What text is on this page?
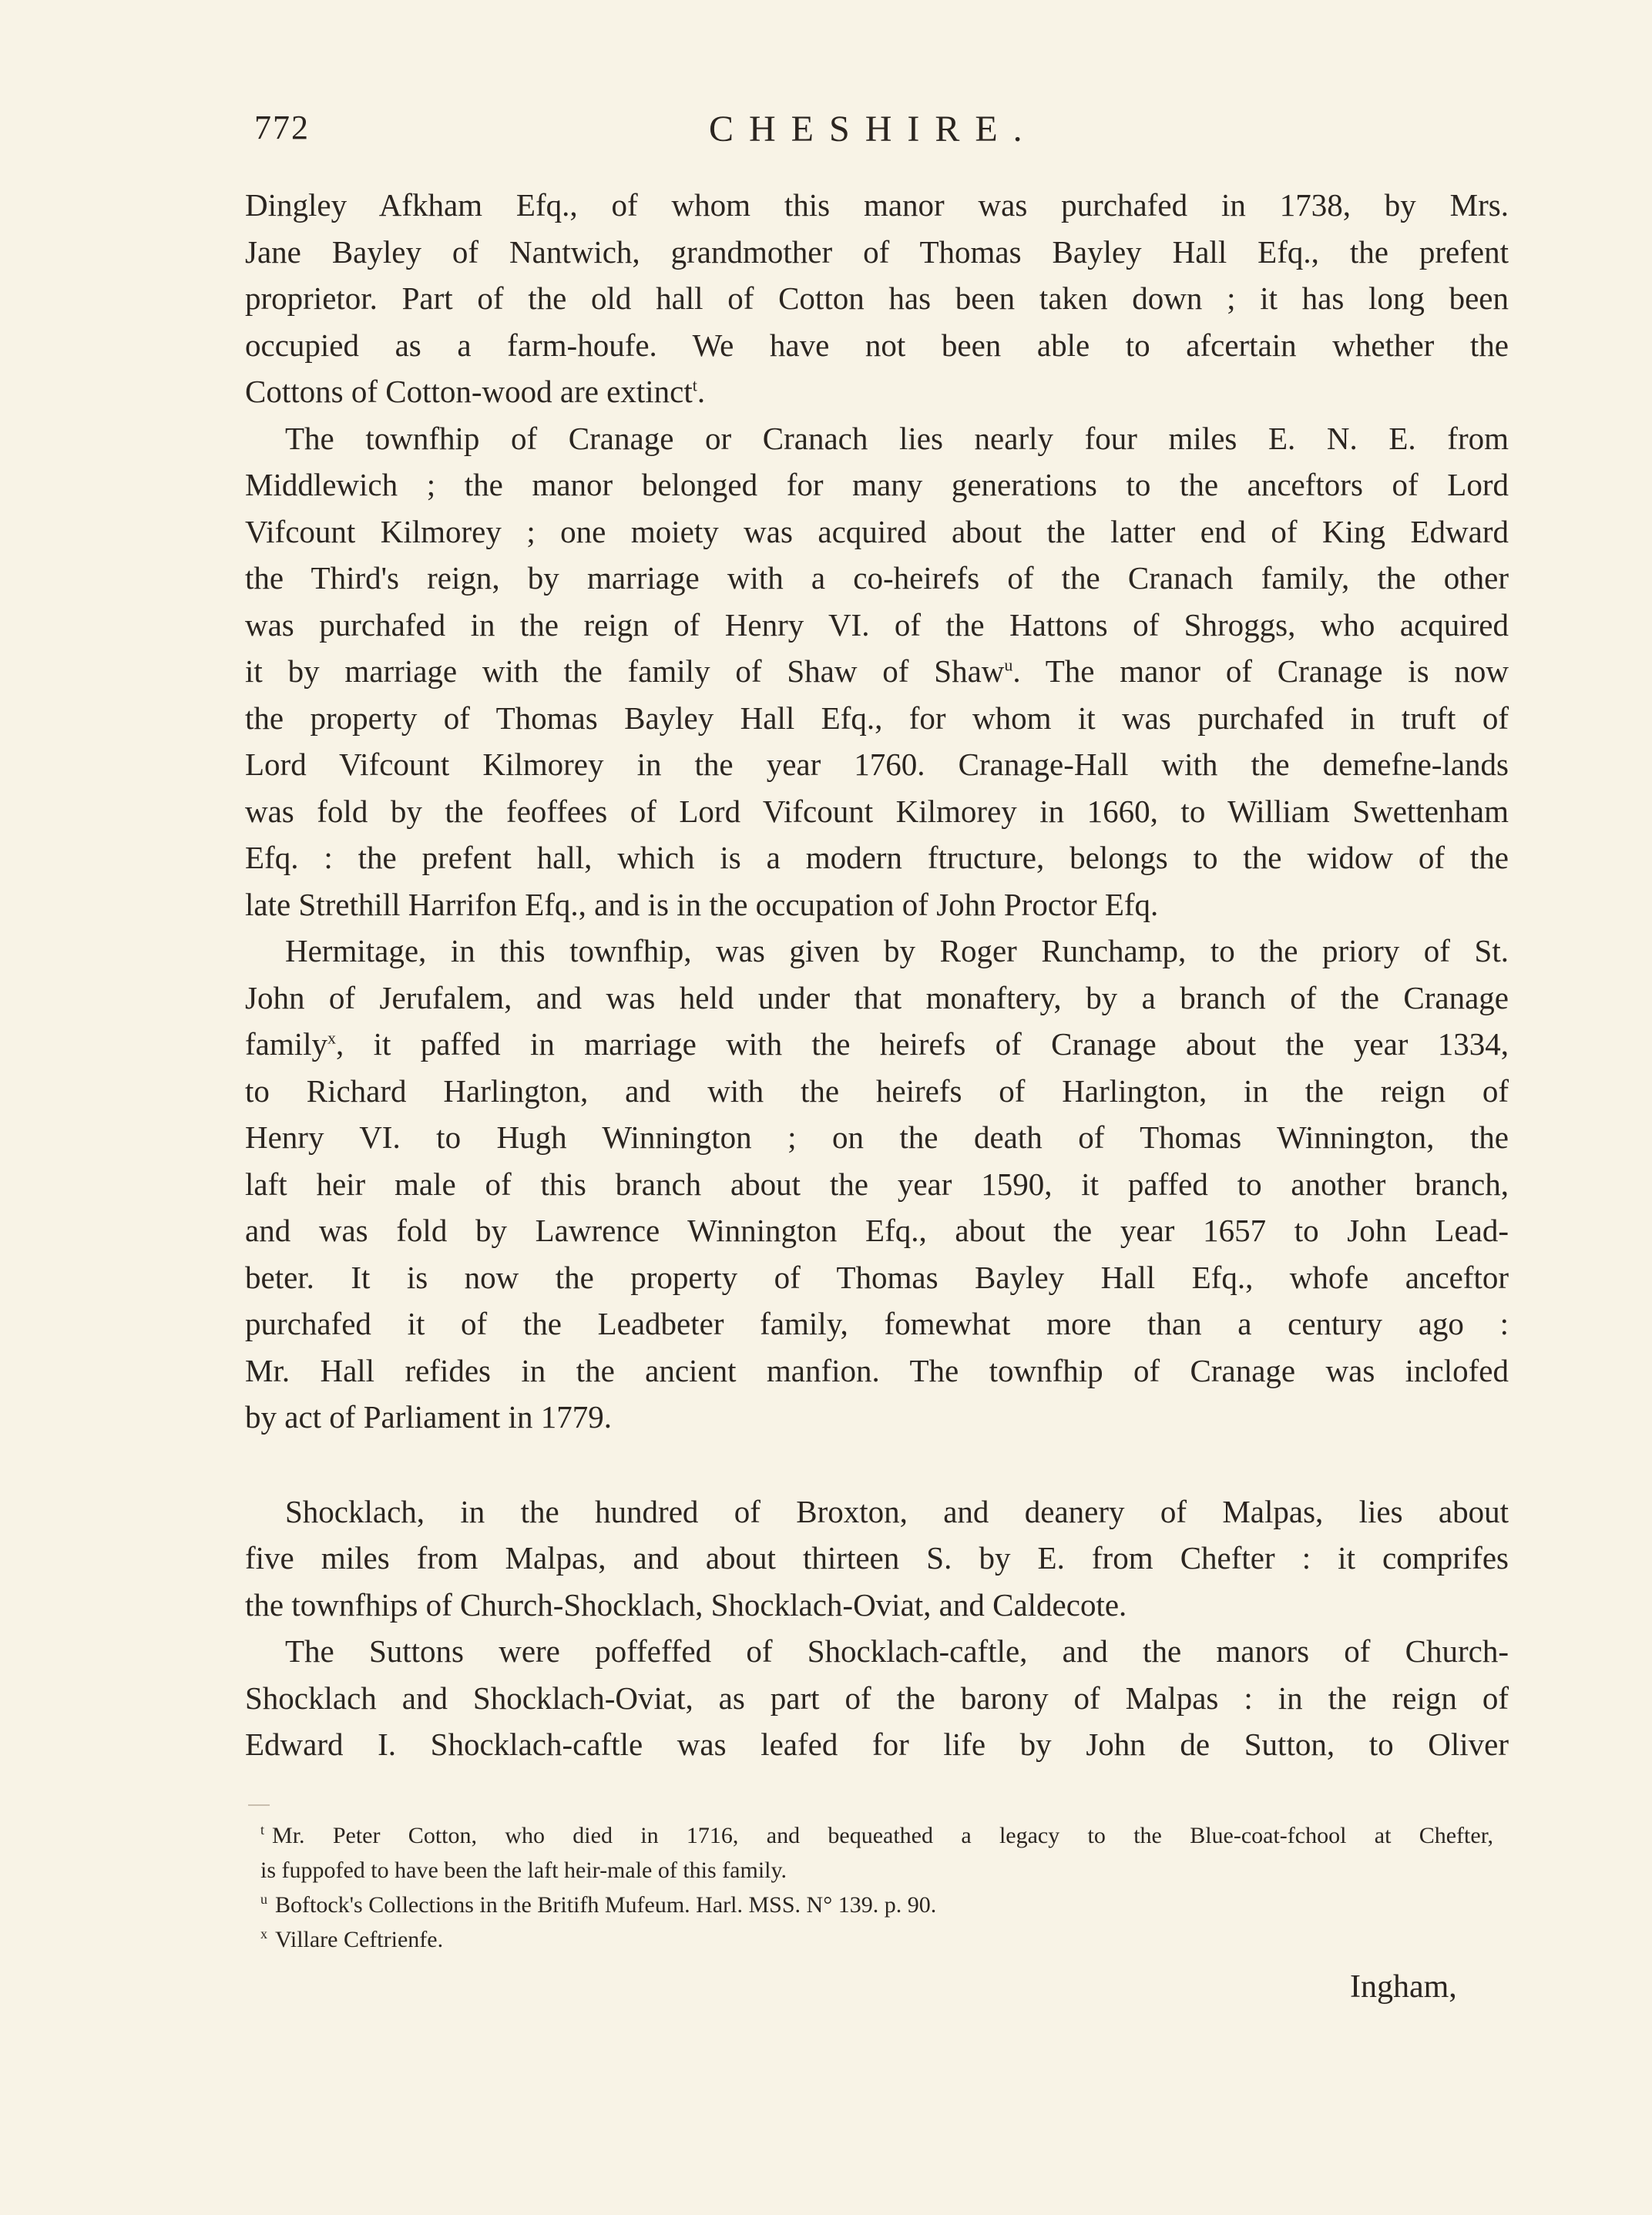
772	CHESHIRE.
Dingley Afkham Efq., of whom this manor was purchafed in 1738, by Mrs.
Jane Bayley of Nantwich, grandmother of Thomas Bayley Hall Efq., the prefent
proprietor. Part of the old hall of Cotton has been taken down ; it has long been
occupied as a farm-houfe. We have not been able to afcertain whether the
Cottons of Cotton-wood are extinct$^t$.
The townfhip of Cranage or Cranach lies nearly four miles E. N. E. from
Middlewich ; the manor belonged for many generations to the anceftors of Lord
Vifcount Kilmorey ; one moiety was acquired about the latter end of King Edward
the Third's reign, by marriage with a co-heirefs of the Cranach family, the other
was purchafed in the reign of Henry VI. of the Hattons of Shroggs, who acquired
it by marriage with the family of Shaw of Shaw$^u$. The manor of Cranage is now
the property of Thomas Bayley Hall Efq., for whom it was purchafed in truft of
Lord Vifcount Kilmorey in the year 1760. Cranage-Hall with the demefne-lands
was fold by the feoffees of Lord Vifcount Kilmorey in 1660, to William Swettenham
Efq. : the prefent hall, which is a modern ftructure, belongs to the widow of the
late Strethill Harrifon Efq., and is in the occupation of John Proctor Efq.
Hermitage, in this townfhip, was given by Roger Runchamp, to the priory of St.
John of Jerufalem, and was held under that monaftery, by a branch of the Cranage
family$^x$, it paffed in marriage with the heirefs of Cranage about the year 1334,
to Richard Harlington, and with the heirefs of Harlington, in the reign of
Henry VI. to Hugh Winnington ; on the death of Thomas Winnington, the
laft heir male of this branch about the year 1590, it paffed to another branch,
and was fold by Lawrence Winnington Efq., about the year 1657 to John Lead-
beter. It is now the property of Thomas Bayley Hall Efq., whofe anceftor
purchafed it of the Leadbeter family, fomewhat more than a century ago :
Mr. Hall refides in the ancient manfion. The townfhip of Cranage was inclofed
by act of Parliament in 1779.
Shocklach, in the hundred of Broxton, and deanery of Malpas, lies about
five miles from Malpas, and about thirteen S. by E. from Chefter : it comprifes
the townfhips of Church-Shocklach, Shocklach-Oviat, and Caldecote.
The Suttons were poffeffed of Shocklach-caftle, and the manors of Church-
Shocklach and Shocklach-Oviat, as part of the barony of Malpas : in the reign of
Edward I. Shocklach-caftle was leafed for life by John de Sutton, to Oliver
$^t$ Mr. Peter Cotton, who died in 1716, and bequeathed a legacy to the Blue-coat-fchool at Chefter,
is fuppofed to have been the laft heir-male of this family.
$^u$ Boftock's Collections in the Britifh Mufeum. Harl. MSS. N° 139. p. 90.
$^x$ Villare Ceftrienfe.
Ingham,
